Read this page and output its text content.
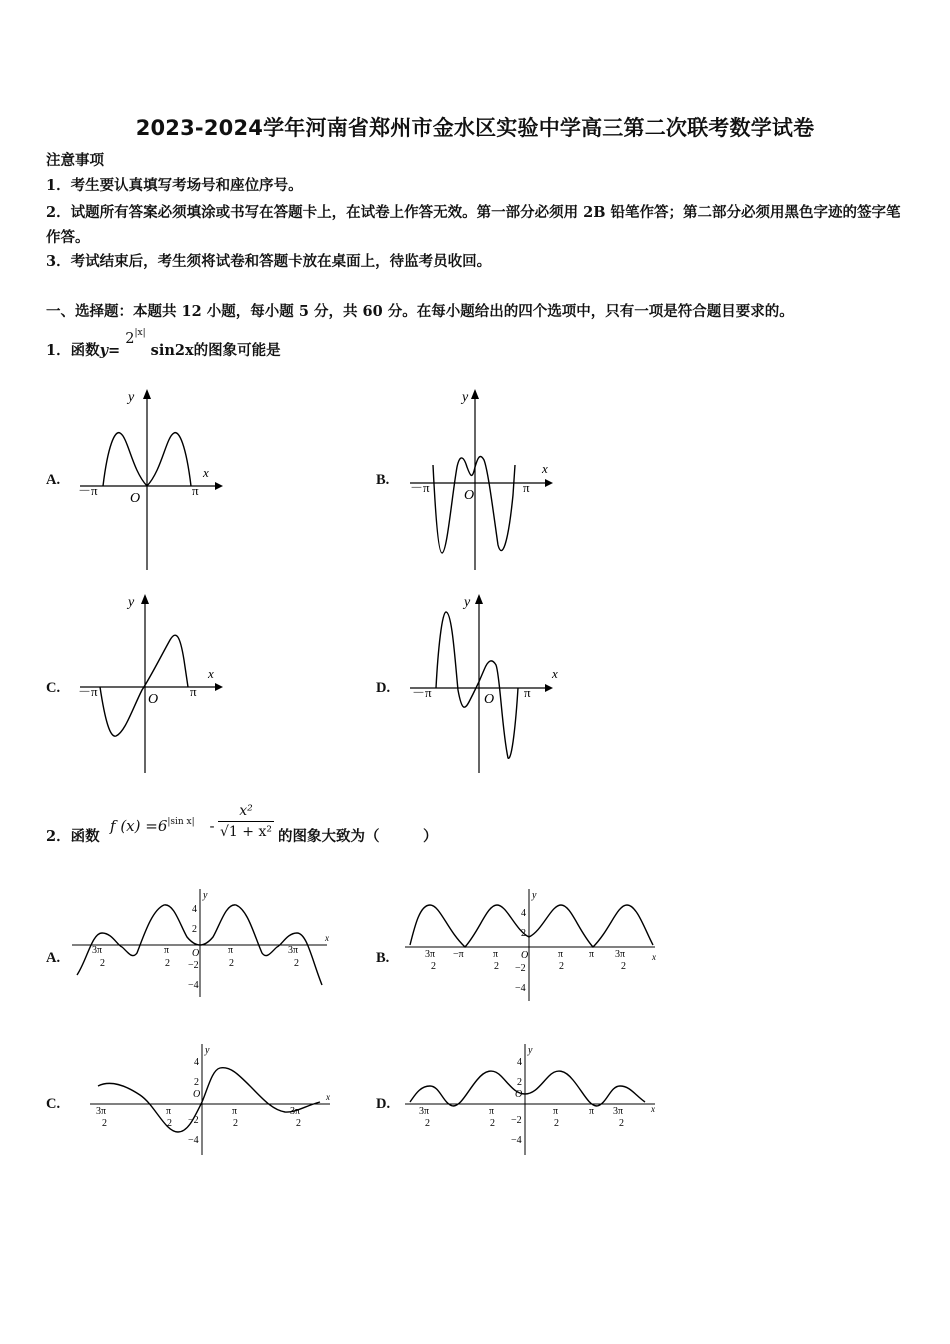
2023-2024学年河南省郑州市金水区实验中学高三第二次联考数学试卷
注意事项
1．考生要认真填写考场号和座位序号。
2．试题所有答案必须填涂或书写在答题卡上，在试卷上作答无效。第一部分必须用 2B 铅笔作答；第二部分必须用黑色字迹的签字笔作答。
3．考试结束后，考生须将试卷和答题卡放在桌面上，待监考员收回。
一、选择题：本题共 12 小题，每小题 5 分，共 60 分。在每小题给出的四个选项中，只有一项是符合题目要求的。
1．函数$y= 2^{|x|}$ sin2x的图象可能是
A.	B.
C.	D.
y
x
O
－π	π
y
x
O
－π	π
y
x
O
－π	π
y
x
O
－π	π
2．函数
f $(x) =6^{|sin x|} - \frac{\text{x²}}{\text{√1 + x²}}$ 的图象大致为（　　　）
A.	B.
C.	D.
y
x
4
2
−2
−4
O
3π
2
π
2
π
2
3π
2
y
x
4
2
−2
−4
O
3π
2
−π	π
2
π
2
π 3π
2
y
x
4
2
−2
−4
O
3π
2
π
2
π
2
3π
2
y
x
4
2
−2
−4
O
3π
2
π
2
π
2
π 3π
2
